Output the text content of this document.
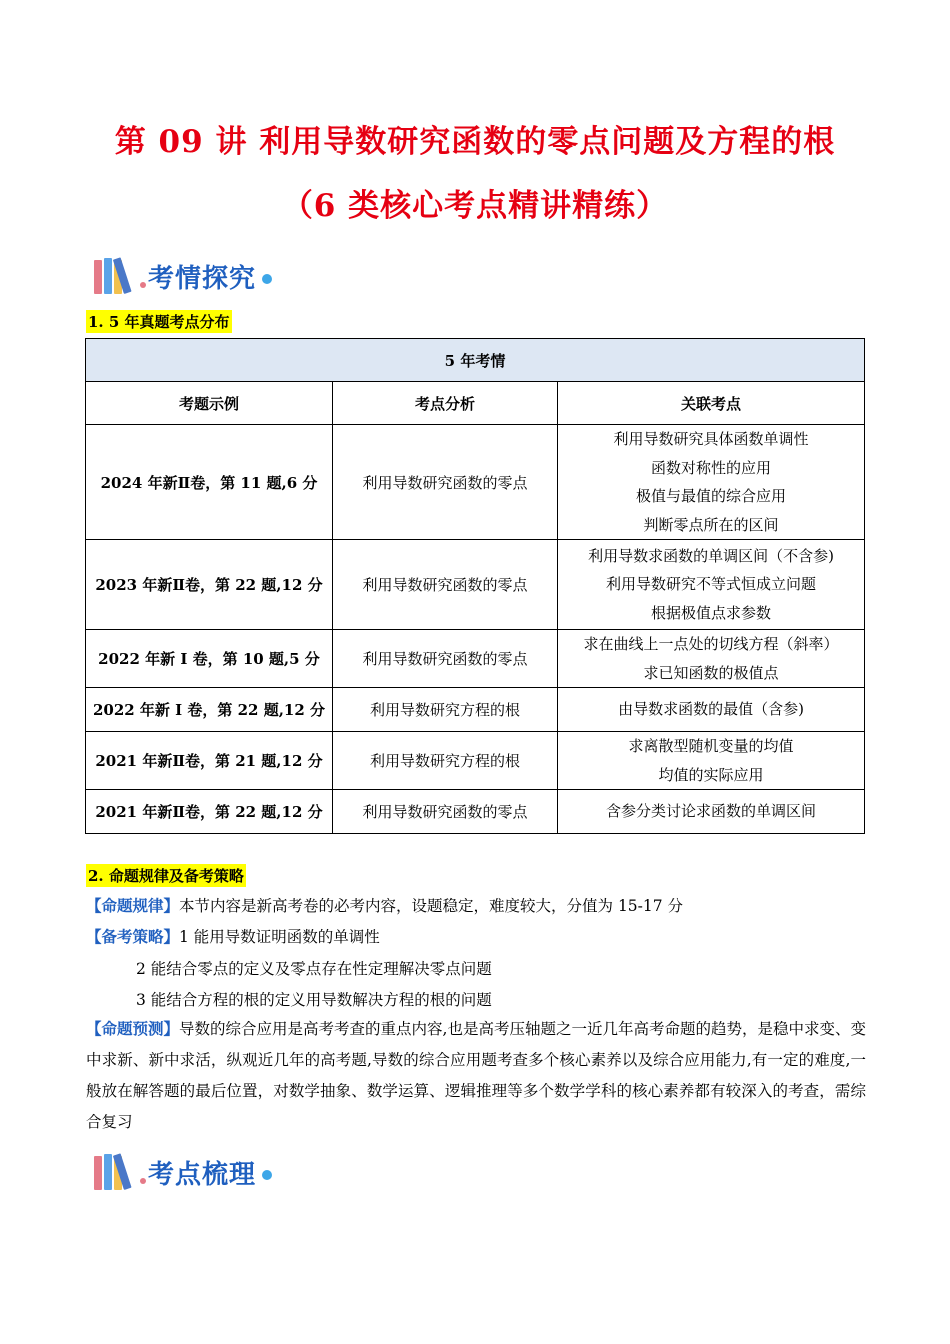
第 09 讲 利用导数研究函数的零点问题及方程的根
（6 类核心考点精讲精练）
考情探究
1. 5 年真题考点分布
5 年考情		
考题示例	考点分析	关联考点
2024 年新Ⅱ卷，第 11 题,6 分	利用导数研究函数的零点	利用导数研究具体函数单调性
函数对称性的应用
极值与最值的综合应用
判断零点所在的区间

2023 年新Ⅱ卷，第 22 题,12 分	利用导数研究函数的零点	利用导数求函数的单调区间（不含参)
利用导数研究不等式恒成立问题
根据极值点求参数

2022 年新 I 卷，第 10 题,5 分	利用导数研究函数的零点	求在曲线上一点处的切线方程（斜率）
求已知函数的极值点

2022 年新 I 卷，第 22 题,12 分	利用导数研究方程的根	由导数求函数的最值（含参)

2021 年新Ⅱ卷，第 21 题,12 分	利用导数研究方程的根	求离散型随机变量的均值
均值的实际应用

2021 年新Ⅱ卷，第 22 题,12 分	利用导数研究函数的零点	含参分类讨论求函数的单调区间
2. 命题规律及备考策略
【命题规律】本节内容是新高考卷的必考内容，设题稳定，难度较大，分值为 15-17 分
【备考策略】1 能用导数证明函数的单调性
2 能结合零点的定义及零点存在性定理解决零点问题
3 能结合方程的根的定义用导数解决方程的根的问题
【命题预测】导数的综合应用是高考考查的重点内容,也是高考压轴题之一近几年高考命题的趋势，是稳中求变、变中求新、新中求活，纵观近几年的高考题,导数的综合应用题考查多个核心素养以及综合应用能力,有一定的难度,一般放在解答题的最后位置，对数学抽象、数学运算、逻辑推理等多个数学学科的核心素养都有较深入的考查，需综合复习
考点梳理
